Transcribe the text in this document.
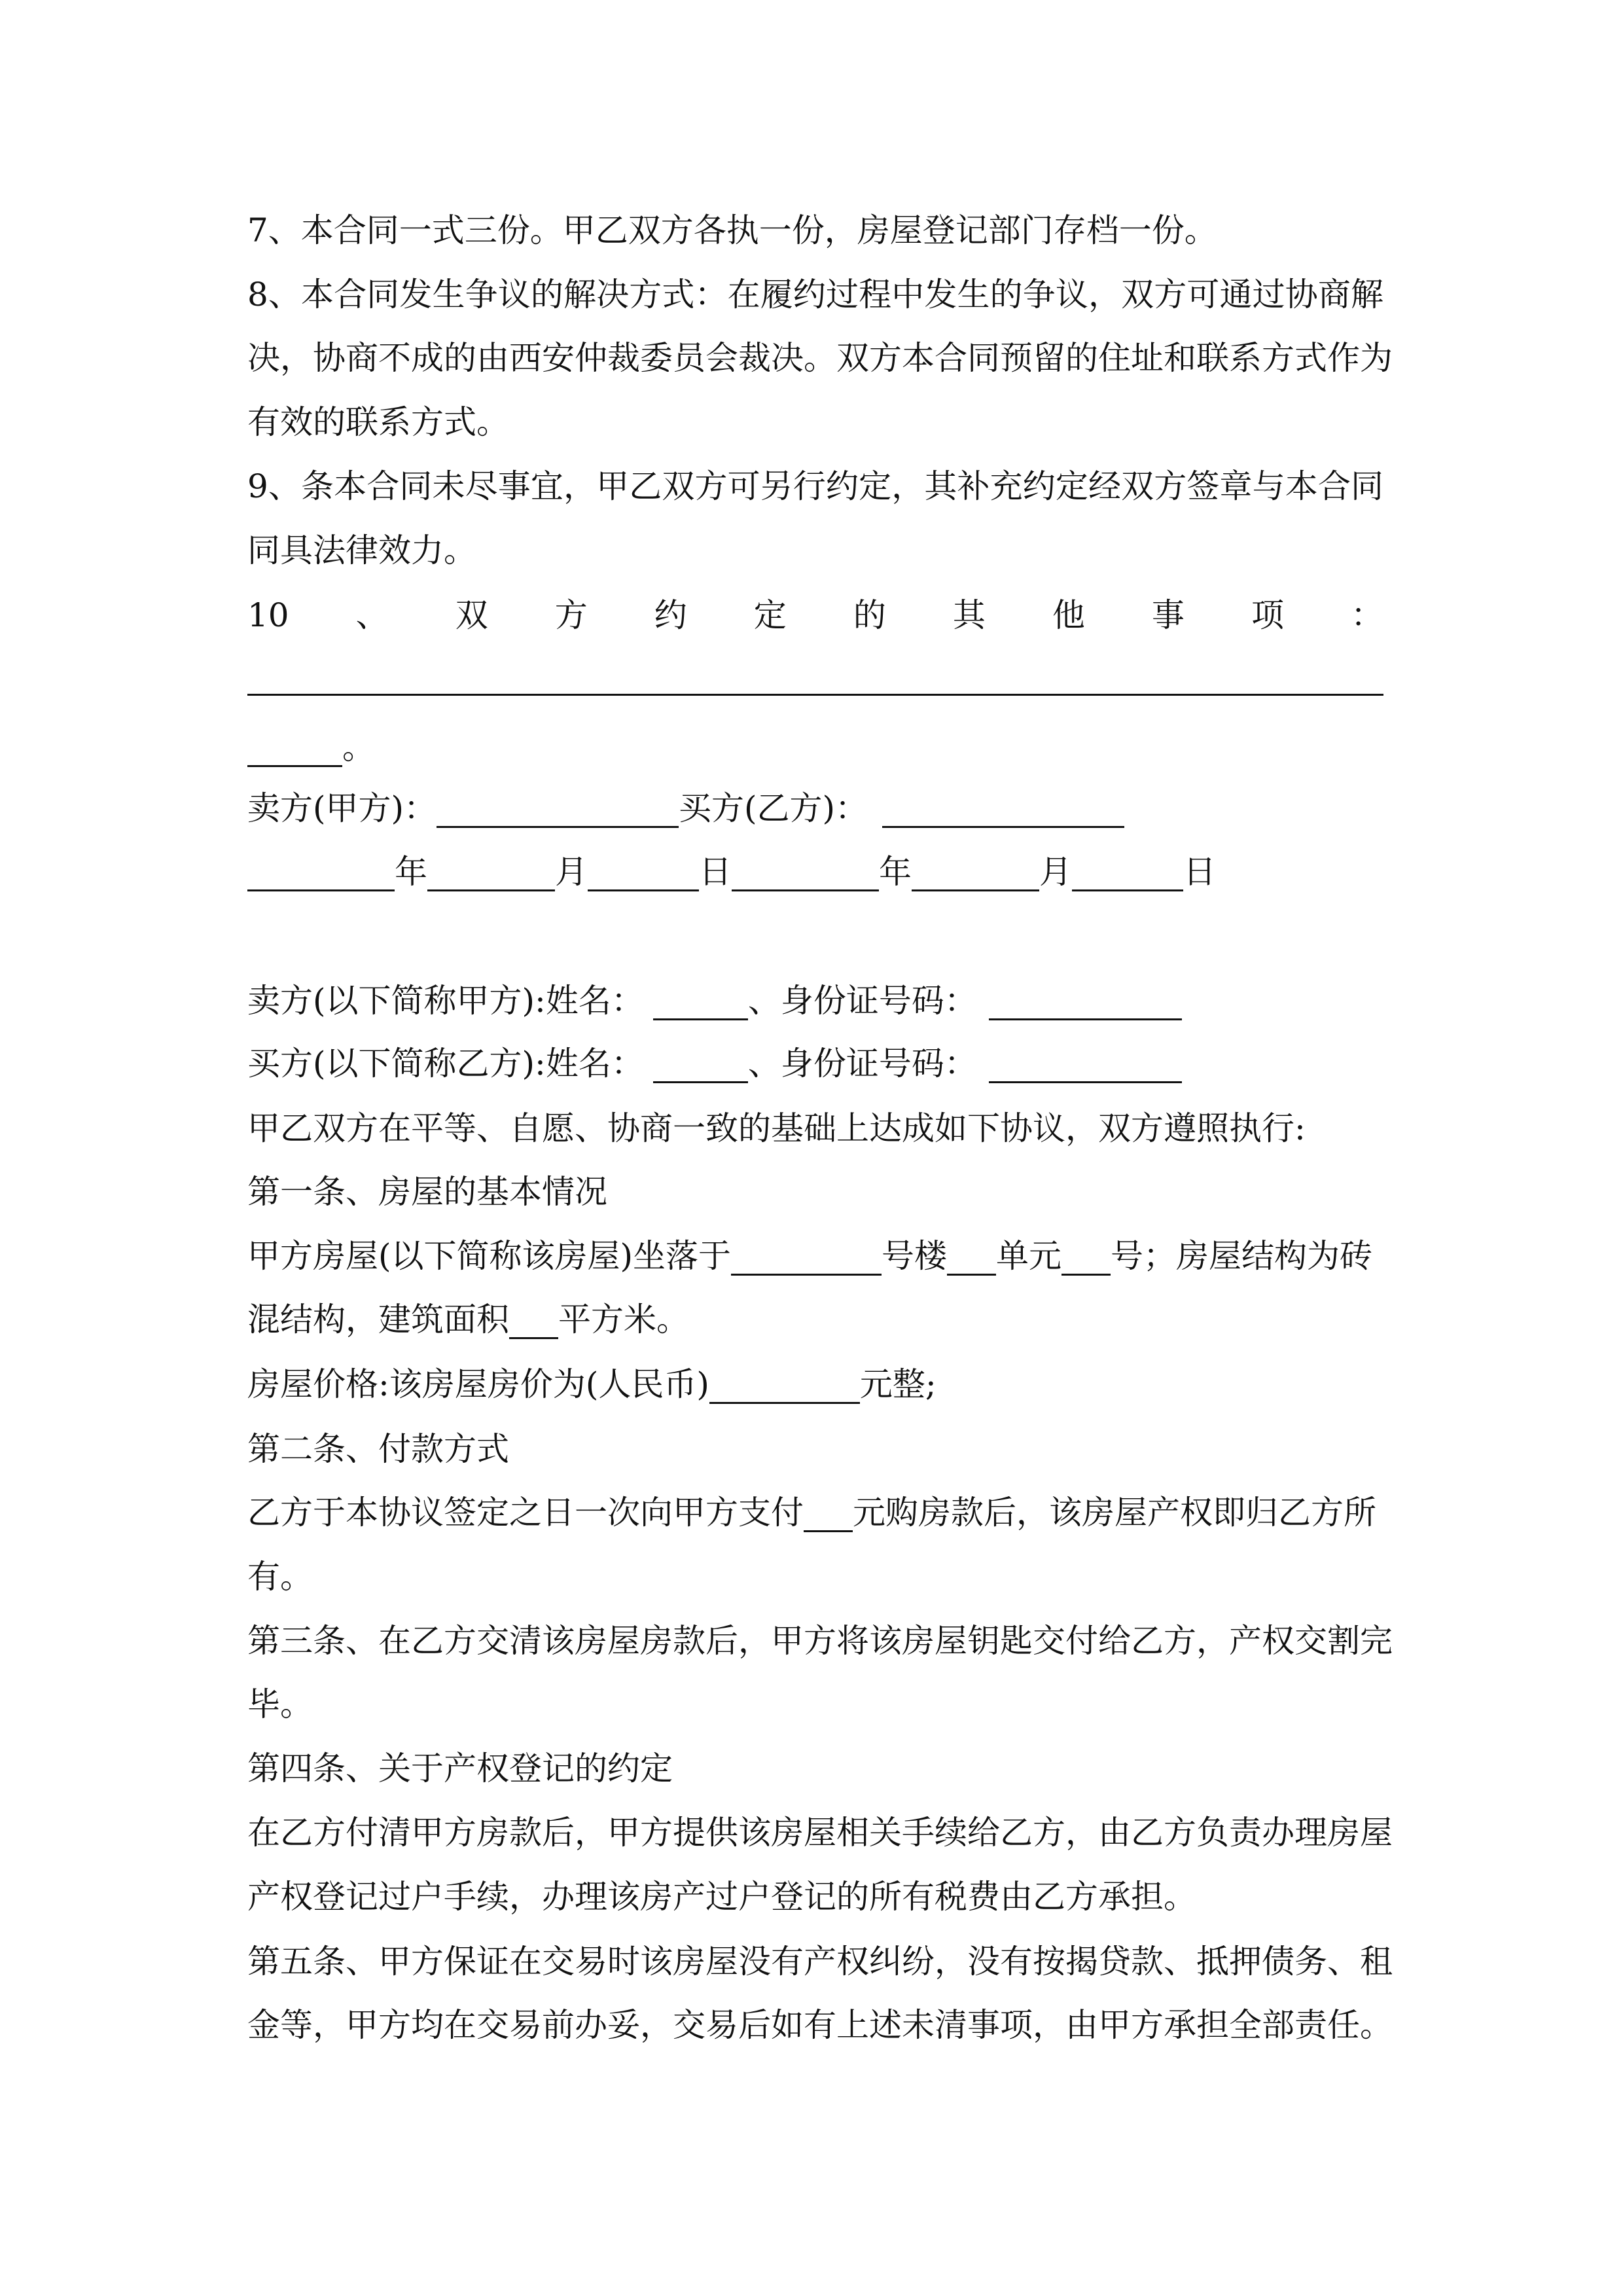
7、本合同一式三份。甲乙双方各执一份，房屋登记部门存档一份。
8、本合同发生争议的解决方式：在履约过程中发生的争议，双方可通过协商解
决，协商不成的由西安仲裁委员会裁决。双方本合同预留的住址和联系方式作为
有效的联系方式。
9、条本合同未尽事宜，甲乙双方可另行约定，其补充约定经双方签章与本合同
同具法律效力。
10、双方约定的其他事项：
。
卖方(甲方)：	买方(乙方)：
年	月	日	年	月	日
卖方(以下简称甲方):姓名：	、身份证号码：
买方(以下简称乙方):姓名：	、身份证号码：
甲乙双方在平等、自愿、协商一致的基础上达成如下协议，双方遵照执行:
第一条、房屋的基本情况
甲方房屋(以下简称该房屋)坐落于	号楼 单元 号；房屋结构为砖
混结构，建筑面积 平方米。
房屋价格:该房屋房价为(人民币)	元整;
第二条、付款方式
乙方于本协议签定之日一次向甲方支付 元购房款后，该房屋产权即归乙方所
有。
第三条、在乙方交清该房屋房款后，甲方将该房屋钥匙交付给乙方，产权交割完
毕。
第四条、关于产权登记的约定
在乙方付清甲方房款后，甲方提供该房屋相关手续给乙方，由乙方负责办理房屋
产权登记过户手续，办理该房产过户登记的所有税费由乙方承担。
第五条、甲方保证在交易时该房屋没有产权纠纷，没有按揭贷款、抵押债务、租
金等，甲方均在交易前办妥，交易后如有上述未清事项，由甲方承担全部责任。
